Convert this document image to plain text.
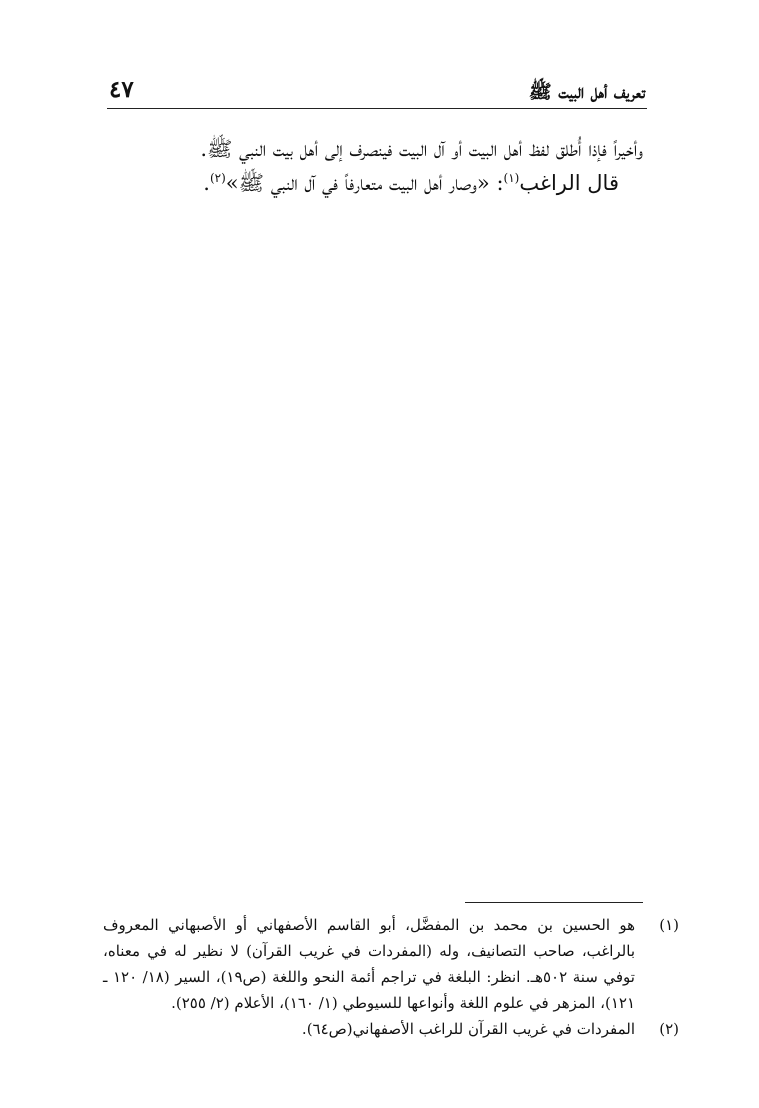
تعريف أهل البيت ﷺ
٤٧

وأخيراً فإذا أُطلق لفظ أهل البيت أو آل البيت فينصرف إلى أهل بيت النبي ﷺ.

قال الراغب$^{(١)}$: «وصار أهل البيت متعارفاً في آل النبي ﷺ»$^{(٢)}$.

(١)
هو الحسين بن محمد بن المفضَّل، أبو القاسم الأصفهاني أو الأصبهاني المعروف بالراغب، صاحب التصانيف، وله (المفردات في غريب القرآن) لا نظير له في معناه، توفي سنة ٥٠٢هـ. انظر: البلغة في تراجم أئمة النحو واللغة (ص١٩)، السير (١٨/ ١٢٠ ـ ١٢١)، المزهر في علوم اللغة وأنواعها للسيوطي (١/ ١٦٠)، الأعلام (٢/ ٢٥٥).
(٢)
المفردات في غريب القرآن للراغب الأصفهاني(ص٦٤).
